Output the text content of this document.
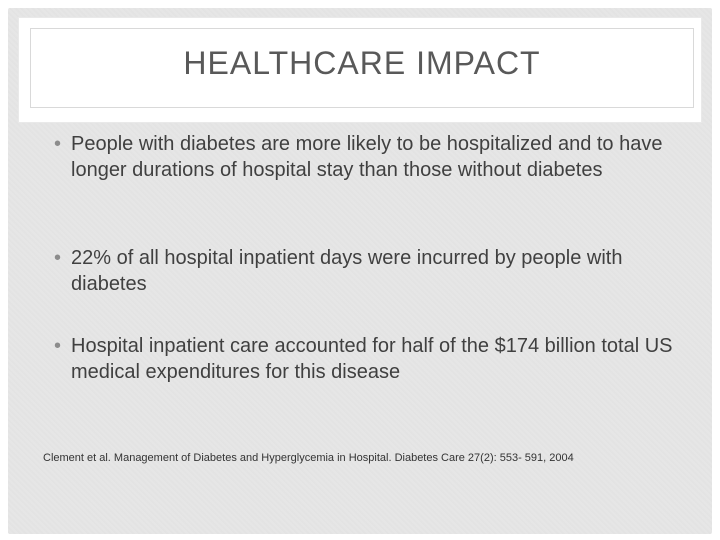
HEALTHCARE IMPACT
• People with diabetes are more likely to be hospitalized and to have longer durations of hospital stay than those without diabetes
• 22% of all hospital inpatient days were incurred by people with diabetes
• Hospital inpatient care accounted for half of the $174 billion total US medical expenditures for this disease
Clement et al. Management of Diabetes and Hyperglycemia in Hospital. Diabetes Care 27(2): 553- 591, 2004
